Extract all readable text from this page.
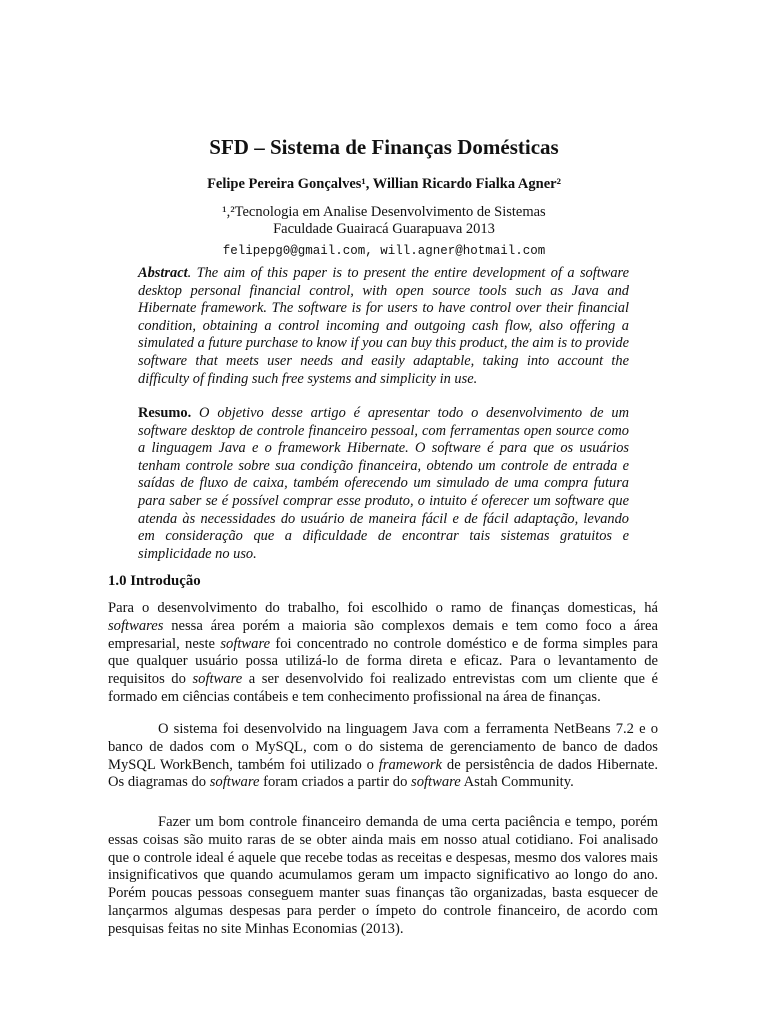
SFD – Sistema de Finanças Domésticas

Felipe Pereira Gonçalves¹, Willian Ricardo Fialka Agner²

¹,²Tecnologia em Analise Desenvolvimento de Sistemas
Faculdade Guairacá Guarapuava 2013

felipepg0@gmail.com, will.agner@hotmail.com

Abstract. The aim of this paper is to present the entire development of a software desktop personal financial control, with open source tools such as Java and Hibernate framework. The software is for users to have control over their financial condition, obtaining a control incoming and outgoing cash flow, also offering a simulated a future purchase to know if you can buy this product, the aim is to provide software that meets user needs and easily adaptable, taking into account the difficulty of finding such free systems and simplicity in use.

Resumo. O objetivo desse artigo é apresentar todo o desenvolvimento de um software desktop de controle financeiro pessoal, com ferramentas open source como a linguagem Java e o framework Hibernate. O software é para que os usuários tenham controle sobre sua condição financeira, obtendo um controle de entrada e saídas de fluxo de caixa, também oferecendo um simulado de uma compra futura para saber se é possível comprar esse produto, o intuito é oferecer um software que atenda às necessidades do usuário de maneira fácil e de fácil adaptação, levando em consideração que a dificuldade de encontrar tais sistemas gratuitos e simplicidade no uso.

1.0 Introdução

Para o desenvolvimento do trabalho, foi escolhido o ramo de finanças domesticas, há softwares nessa área porém a maioria são complexos demais e tem como foco a área empresarial, neste software foi concentrado no controle doméstico e de forma simples para que qualquer usuário possa utilizá-lo de forma direta e eficaz. Para o levantamento de requisitos do software a ser desenvolvido foi realizado entrevistas com um cliente que é formado em ciências contábeis e tem conhecimento profissional na área de finanças.

O sistema foi desenvolvido na linguagem Java com a ferramenta NetBeans 7.2 e o banco de dados com o MySQL, com o do sistema de gerenciamento de banco de dados MySQL WorkBench, também foi utilizado o framework de persistência de dados Hibernate. Os diagramas do software foram criados a partir do software Astah Community.

Fazer um bom controle financeiro demanda de uma certa paciência e tempo, porém essas coisas são muito raras de se obter ainda mais em nosso atual cotidiano. Foi analisado que o controle ideal é aquele que recebe todas as receitas e despesas, mesmo dos valores mais insignificativos que quando acumulamos geram um impacto significativo ao longo do ano. Porém poucas pessoas conseguem manter suas finanças tão organizadas, basta esquecer de lançarmos algumas despesas para perder o ímpeto do controle financeiro, de acordo com pesquisas feitas no site Minhas Economias (2013).
